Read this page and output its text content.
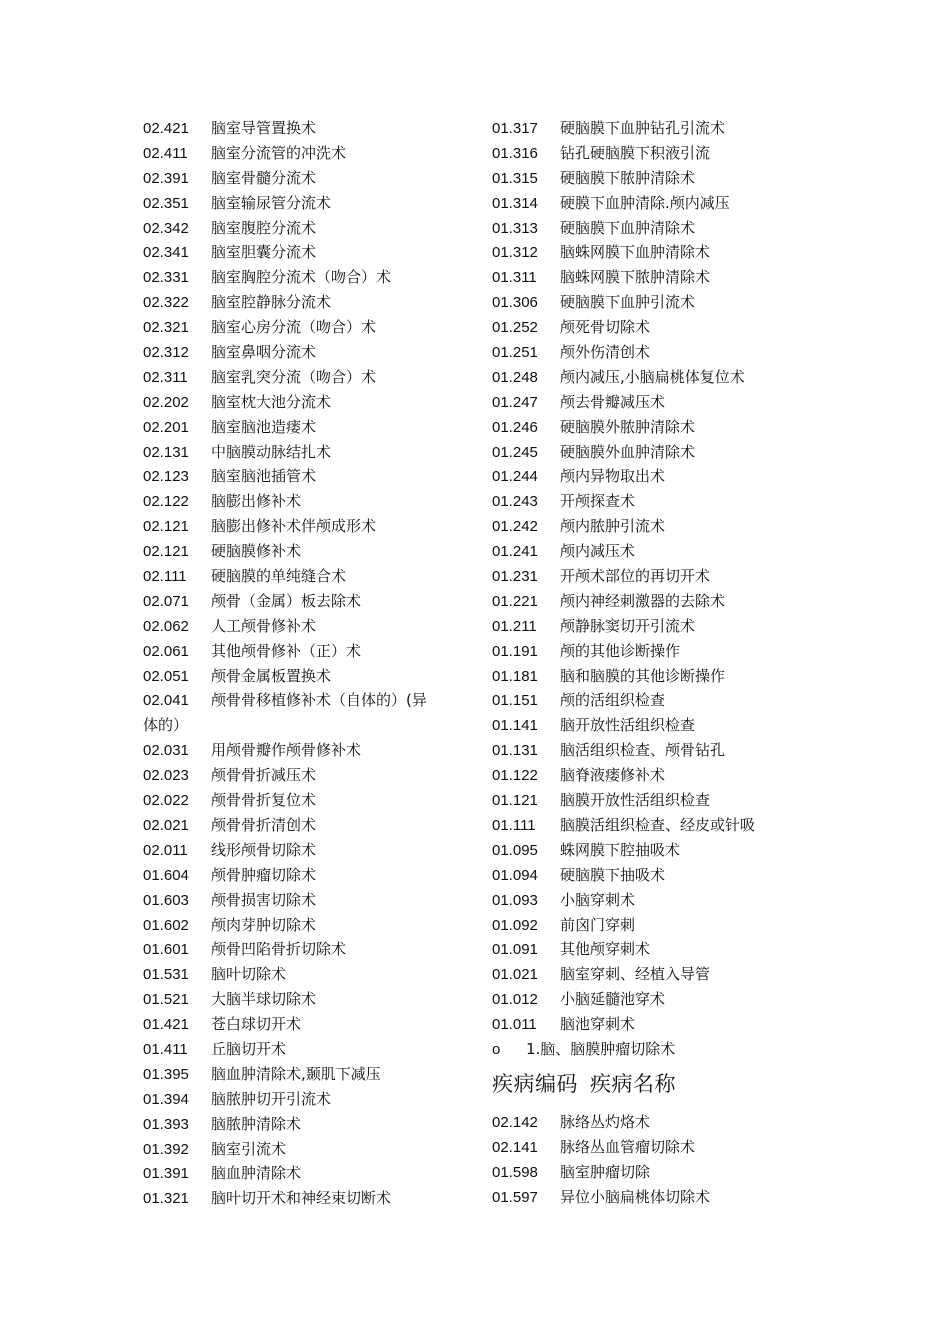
02.421 脑室导管置换术
02.411 脑室分流管的冲洗术
02.391 脑室骨髓分流术
02.351 脑室输尿管分流术
02.342 脑室腹腔分流术
02.341 脑室胆囊分流术
02.331 脑室胸腔分流术（吻合）术
02.322 脑室腔静脉分流术
02.321 脑室心房分流（吻合）术
02.312 脑室鼻咽分流术
02.311 脑室乳突分流（吻合）术
02.202 脑室枕大池分流术
02.201 脑室脑池造瘘术
02.131 中脑膜动脉结扎术
02.123 脑室脑池插管术
02.122 脑膨出修补术
02.121 脑膨出修补术伴颅成形术
02.121 硬脑膜修补术
02.111 硬脑膜的单纯缝合术
02.071 颅骨（金属）板去除术
02.062 人工颅骨修补术
02.061 其他颅骨修补（正）术
02.051 颅骨金属板置换术
02.041 颅骨骨移植修补术（自体的）(异
体的）
02.031 用颅骨瓣作颅骨修补术
02.023 颅骨骨折减压术
02.022 颅骨骨折复位术
02.021 颅骨骨折清创术
02.011 线形颅骨切除术
01.604 颅骨肿瘤切除术
01.603 颅骨损害切除术
01.602 颅肉芽肿切除术
01.601 颅骨凹陷骨折切除术
01.531 脑叶切除术
01.521 大脑半球切除术
01.421 苍白球切开术
01.411 丘脑切开术
01.395 脑血肿清除术,颞肌下减压
01.394 脑脓肿切开引流术
01.393 脑脓肿清除术
01.392 脑室引流术
01.391 脑血肿清除术
01.321 脑叶切开术和神经束切断术
01.317 硬脑膜下血肿钻孔引流术
01.316 钻孔硬脑膜下积液引流
01.315 硬脑膜下脓肿清除术
01.314 硬膜下血肿清除.颅内减压
01.313 硬脑膜下血肿清除术
01.312 脑蛛网膜下血肿清除术
01.311 脑蛛网膜下脓肿清除术
01.306 硬脑膜下血肿引流术
01.252 颅死骨切除术
01.251 颅外伤清创术
01.248 颅内减压,小脑扁桃体复位术
01.247 颅去骨瓣减压术
01.246 硬脑膜外脓肿清除术
01.245 硬脑膜外血肿清除术
01.244 颅内异物取出术
01.243 开颅探查术
01.242 颅内脓肿引流术
01.241 颅内减压术
01.231 开颅术部位的再切开术
01.221 颅内神经刺激器的去除术
01.211 颅静脉窦切开引流术
01.191 颅的其他诊断操作
01.181 脑和脑膜的其他诊断操作
01.151 颅的活组织检查
01.141 脑开放性活组织检查
01.131 脑活组织检查、颅骨钻孔
01.122 脑脊液瘘修补术
01.121 脑膜开放性活组织检查
01.111 脑膜活组织检查、经皮或针吸
01.095 蛛网膜下腔抽吸术
01.094 硬脑膜下抽吸术
01.093 小脑穿刺术
01.092 前囟门穿刺
01.091 其他颅穿刺术
01.021 脑室穿刺、经植入导管
01.012 小脑延髓池穿术
01.011 脑池穿刺术
o 1.脑、脑膜肿瘤切除术
疾病编码 疾病名称
02.142 脉络丛灼烙术
02.141 脉络丛血管瘤切除术
01.598 脑室肿瘤切除
01.597 异位小脑扁桃体切除术
